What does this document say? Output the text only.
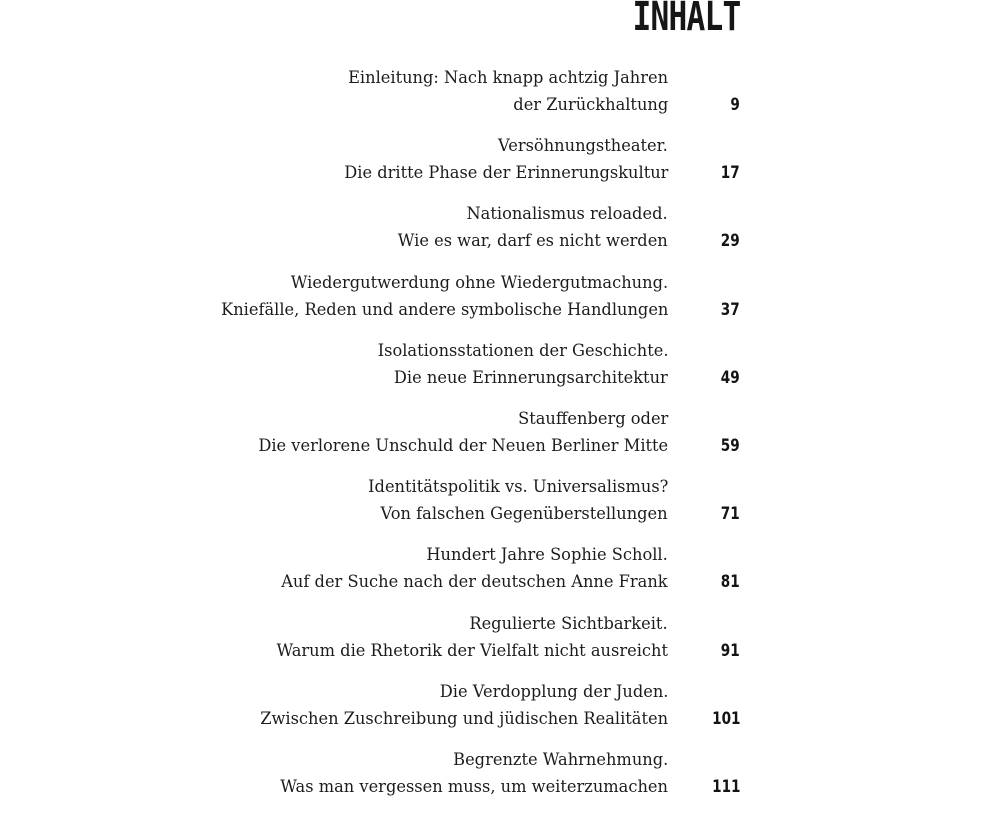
INHALT

Einleitung: Nach knapp achtzig Jahren

der Zurückhaltung	9

Versöhnungstheater.

Die dritte Phase der Erinnerungskultur	17

Nationalismus reloaded.

Wie es war, darf es nicht werden	29

Wiedergutwerdung ohne Wiedergutmachung.

Kniefälle, Reden und andere symbolische Handlungen	37

Isolationsstationen der Geschichte.

Die neue Erinnerungsarchitektur	49

Stauffenberg oder

Die verlorene Unschuld der Neuen Berliner Mitte	59

Identitätspolitik vs. Universalismus?

Von falschen Gegenüberstellungen	71

Hundert Jahre Sophie Scholl.

Auf der Suche nach der deutschen Anne Frank	81

Regulierte Sichtbarkeit.

Warum die Rhetorik der Vielfalt nicht ausreicht	91

Die Verdopplung der Juden.

Zwischen Zuschreibung und jüdischen Realitäten	101

Begrenzte Wahrnehmung.

Was man vergessen muss, um weiterzumachen	111
